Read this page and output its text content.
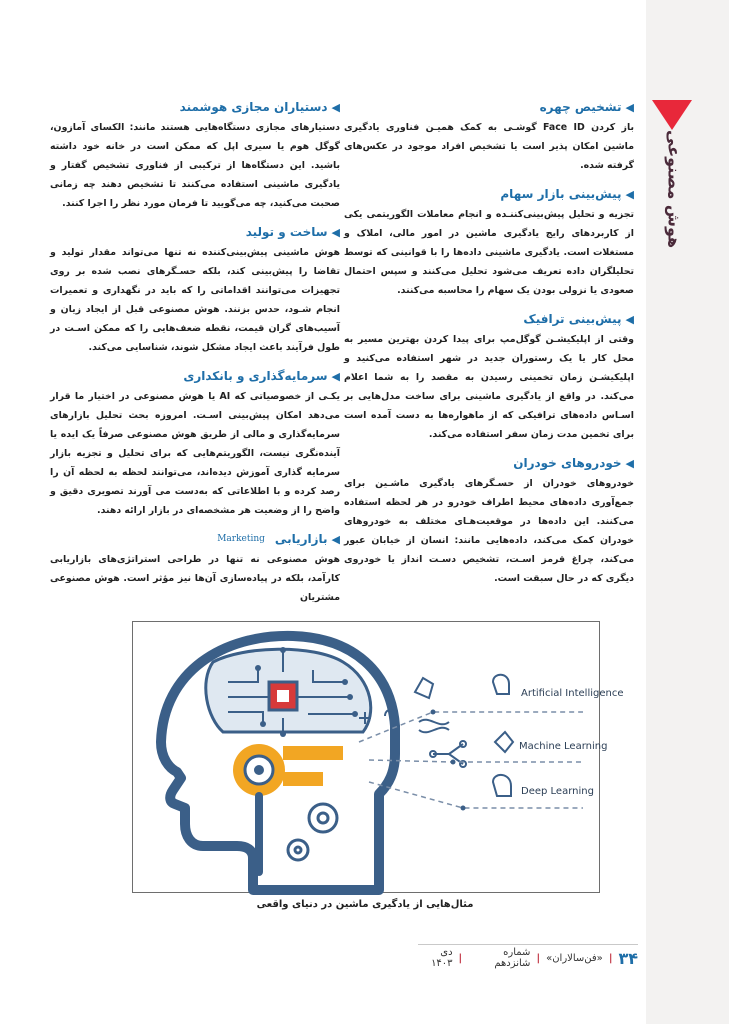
هوش مصنوعی
◀
تشخیص چهره
باز کردن Face ID گوشـی به کمک همیـن فناوری یادگیری ماشین امکان پذیر است یا تشخیص افراد موجود در عکس‌های گرفته شده.
◀
پیش‌بینی بازار سهام
تجزیه و تحلیل پیش‌بینی‌کننـده و انجام معاملات الگوریتمی یکی از کاربردهای رایج یادگیری ماشین در امور مالی، املاک و مستغلات است. یادگیری ماشینی داده‌ها را با قوانینی که توسط تحلیلگران داده تعریف می‌شود تحلیل می‌کنند و سپس احتمال صعودی یا نزولی بودن یک سهام را محاسبه می‌کنند.
◀
پیش‌بینی ترافیک
وقتی از اپلیکیشـن گوگل‌مپ برای پیدا کردن بهترین مسیر به محل کار یا یک رستوران جدید در شهر استفاده می‌کنید و اپلیکیشـن زمان تخمینی رسیدن به مقصد را به شما اعلام می‌کند. در واقع از یادگیری ماشینی برای ساخت مدل‌هایی بر اسـاس داده‌های ترافیکی که از ماهواره‌ها به دست آمده است برای تخمین مدت زمان سفر استفاده می‌کند.
◀
خودروهای خودران
خودروهای خودران از حسـگرهای یادگیری ماشـین برای جمع‌آوری داده‌های محیط اطراف خودرو در هر لحظه استفاده می‌کنند. این داده‌ها در موقعیت‌هـای مختلف به خودروهای خودران کمک می‌کند، داده‌هایی مانند: انسان از خیابان عبور می‌کند، چراغ قرمز اسـت، تشخیص دسـت انداز یا خودروی دیگری که در حال سبقت است.
◀
دستیاران مجازی هوشمند
دستیارهای مجازی دستگاه‌هایی هستند مانند: الکسای آمازون، گوگل هوم یا سیری اپل که ممکن است در خانه خود داشته باشید. این دستگاه‌ها از ترکیبی از فناوری تشخیص گفتار و یادگیری ماشینی استفاده می‌کنند تا تشخیص دهند چه زمانی صحبت می‌کنید، چه می‌گویید تا فرمان مورد نظر را اجرا کنند.
◀
ساخت و تولید
هوش ماشینی پیش‌بینی‌کننده نه تنها می‌تواند مقدار تولید و تقاضا را پیش‌بینی کند، بلکه حسـگرهای نصب شده بر روی تجهیزات می‌توانند اقداماتی را که باید در نگهداری و تعمیرات انجام شـود، حدس بزنند. هوش مصنوعی قبل از ایجاد زیان و آسیب‌های گران قیمت، نقطه ضعف‌هایی را که ممکن اسـت در طول فرآیند باعث ایجاد مشکل شوند، شناسایی می‌کند.
◀
سرمایه‌گذاری و بانکداری
یکـی از خصوصیاتی که AI یا هوش مصنوعی در اختیار ما قرار می‌دهد امکان پیش‌بینی اسـت. امروزه بحث تحلیل بازارهای سرمایه‌گذاری و مالی از طریق هوش مصنوعی صرفاً یک ایده یا آینده‌نگری نیست، الگوریتم‌هایی که برای تحلیل و تجزیه بازار سرمایه گذاری آموزش دیده‌اند، می‌توانند لحظه به لحظه آن را رصد کرده و با اطلاعاتی که به‌دست می آورند تصویری دقیق و واضح را از وضعیت هر مشخصه‌ای در بازار ارائه دهند.
◀
بازاریابی
Marketing
هوش مصنوعی نه تنها در طراحی استراتژی‌های بازاریابی کارآمد، بلکه در پیاده‌سازی آن‌ها نیز مؤثر است. هوش مصنوعی مشتریان
Artificial Intelligence
Machine Learning
Deep Learning
مثال‌هایی از یادگیری ماشین در دنیای واقعی
۳۴
|
«فن‌سالاران»
|
شماره شانزدهم
|
دی ۱۴۰۳
